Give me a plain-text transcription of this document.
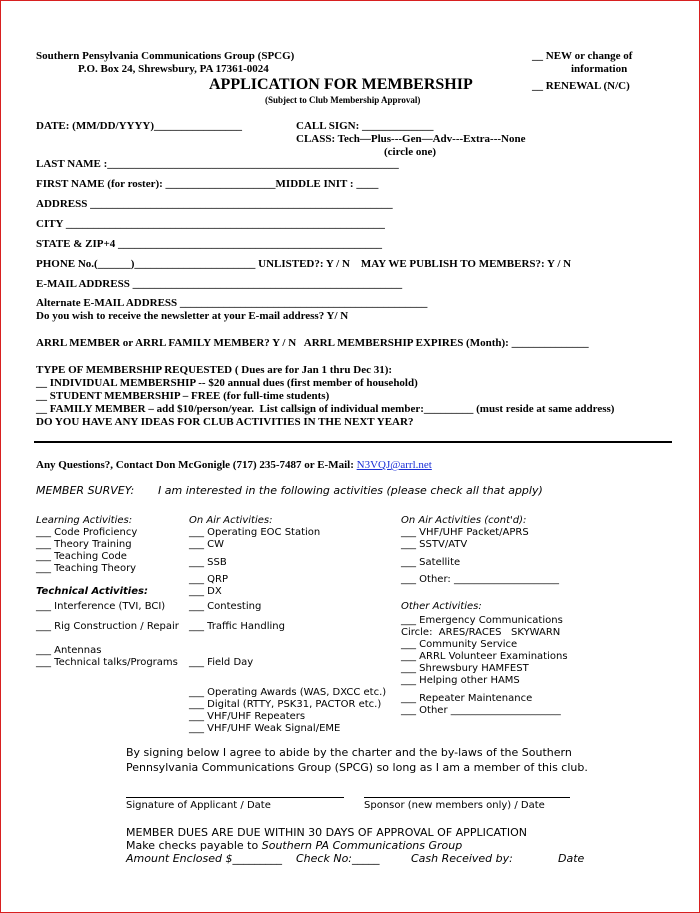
Southern Pensylvania Communications Group (SPCG)
P.O. Box 24, Shrewsbury, PA 17361-0024
APPLICATION FOR MEMBERSHIP
(Subject to Club Membership Approval)
__ NEW or change of
information
__ RENEWAL (N/C)
DATE: (MM/DD/YYYY)________________	CALL SIGN: _____________
CLASS: Tech—Plus---Gen—Adv---Extra---None
(circle one)
LAST NAME :_____________________________________________________
FIRST NAME (for roster): ____________________MIDDLE INIT : ____
ADDRESS _______________________________________________________
CITY __________________________________________________________
STATE & ZIP+4 ________________________________________________
PHONE No.(______)______________________ UNLISTED?: Y / N    MAY WE PUBLISH TO MEMBERS?: Y / N
E-MAIL ADDRESS _________________________________________________
Alternate E-MAIL ADDRESS _____________________________________________
Do you wish to receive the newsletter at your E-mail address? Y/ N
ARRL MEMBER or ARRL FAMILY MEMBER? Y / N   ARRL MEMBERSHIP EXPIRES (Month): ______________
TYPE OF MEMBERSHIP REQUESTED ( Dues are for Jan 1 thru Dec 31):
__ INDIVIDUAL MEMBERSHIP -- $20 annual dues (first member of household)
__ STUDENT MEMBERSHIP – FREE (for full-time students)
__ FAMILY MEMBER – add $10/person/year.  List callsign of individual member:_________ (must reside at same address)
DO YOU HAVE ANY IDEAS FOR CLUB ACTIVITIES IN THE NEXT YEAR?
Any Questions?, Contact Don McGonigle (717) 235-7487 or E-Mail: N3VQJ@arrl.net
MEMBER SURVEY: I am interested in the following activities (please check all that apply)
Learning Activities:
___ Code Proficiency
___ Theory Training
___ Teaching Code
___ Teaching Theory
Technical Activities:
___ Interference (TVI, BCI)
___ Rig Construction / Repair
___ Antennas
___ Technical talks/Programs
On Air Activities:
___ Operating EOC Station
___ CW
___ SSB
___ QRP
___ DX
___ Contesting
___ Traffic Handling
___ Field Day
___ Operating Awards (WAS, DXCC etc.)
___ Digital (RTTY, PSK31, PACTOR etc.)
___ VHF/UHF Repeaters
___ VHF/UHF Weak Signal/EME
On Air Activities (cont'd):
___ VHF/UHF Packet/APRS
___ SSTV/ATV
___ Satellite
___ Other: _____________________
Other Activities:
___ Emergency Communications
Circle:  ARES/RACES   SKYWARN
___ Community Service
___ ARRL Volunteer Examinations
___ Shrewsbury HAMFEST
___ Helping other HAMS
___ Repeater Maintenance
___ Other ______________________
By signing below I agree to abide by the charter and the by-laws of the Southern
Pennsylvania Communications Group (SPCG) so long as I am a member of this club.
Signature of Applicant / Date	Sponsor (new members only) / Date
MEMBER DUES ARE DUE WITHIN 30 DAYS OF APPROVAL OF APPLICATION
Make checks payable to Southern PA Communications Group
Amount Enclosed $_________ Check No:_____	Cash Received by:	Date
